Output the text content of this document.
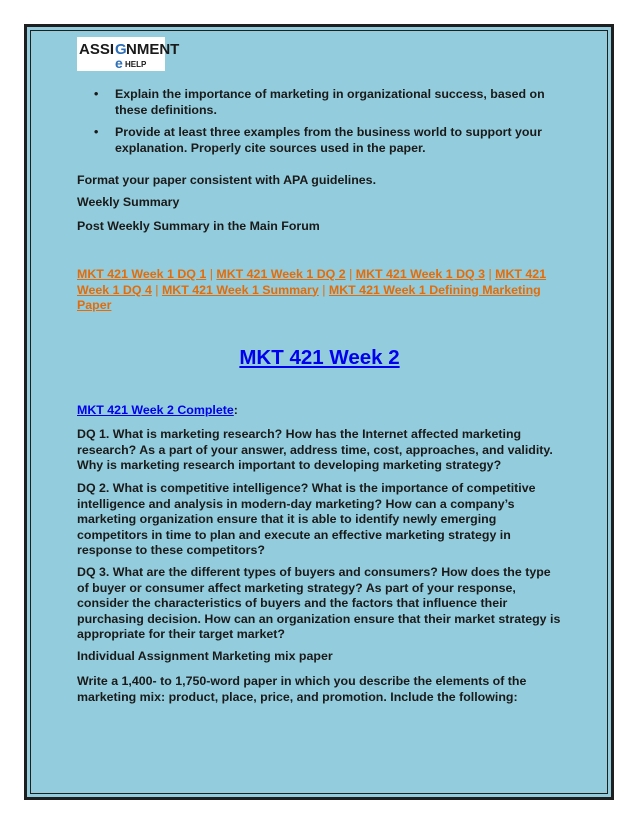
ASSI G NMENT
e HELP
• Explain the importance of marketing in organizational success, based on these definitions.
• Provide at least three examples from the business world to support your explanation. Properly cite sources used in the paper.
Format your paper consistent with APA guidelines.
Weekly Summary
Post Weekly Summary in the Main Forum
MKT 421 Week 1 DQ 1 | MKT 421 Week 1 DQ 2 | MKT 421 Week 1 DQ 3 | MKT 421 Week 1 DQ 4 | MKT 421 Week 1 Summary | MKT 421 Week 1 Defining Marketing Paper
MKT 421 Week 2
MKT 421 Week 2 Complete:
DQ 1. What is marketing research? How has the Internet affected marketing research? As a part of your answer, address time, cost, approaches, and validity. Why is marketing research important to developing marketing strategy?
DQ 2. What is competitive intelligence? What is the importance of competitive intelligence and analysis in modern-day marketing? How can a company’s marketing organization ensure that it is able to identify newly emerging competitors in time to plan and execute an effective marketing strategy in response to these competitors?
DQ 3. What are the different types of buyers and consumers? How does the type of buyer or consumer affect marketing strategy? As part of your response, consider the characteristics of buyers and the factors that influence their purchasing decision. How can an organization ensure that their market strategy is appropriate for their target market?
Individual Assignment Marketing mix paper
Write a 1,400- to 1,750-word paper in which you describe the elements of the marketing mix: product, place, price, and promotion. Include the following:
